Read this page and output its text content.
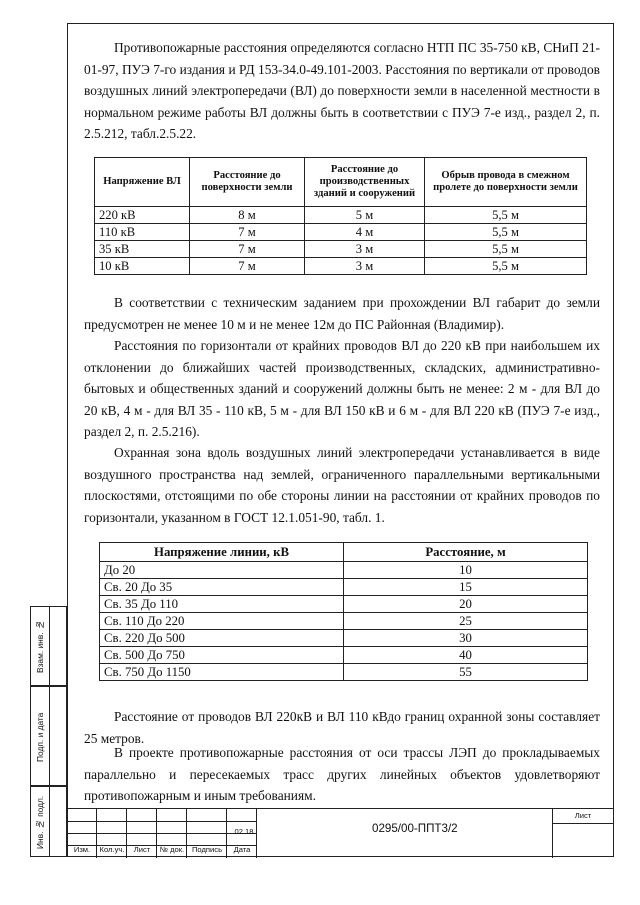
Противопожарные расстояния определяются согласно НТП ПС 35-750 кВ, СНиП 21-01-97, ПУЭ 7-го издания и РД 153-34.0-49.101-2003. Расстояния по вертикали от проводов воздушных линий электропередачи (ВЛ) до поверхности земли в населенной местности в нормальном режиме работы ВЛ должны быть в соответствии с ПУЭ 7-е изд., раздел 2, п. 2.5.212, табл.2.5.22.

Напряжение ВЛ	Расстояние до поверхности земли	Расстояние до производственных зданий и сооружений	Обрыв провода в смежном пролете до поверхности земли
220 кВ	8 м	5 м	5,5 м
110 кВ	7 м	4 м	5,5 м
35 кВ	7 м	3 м	5,5 м
10 кВ	7 м	3 м	5,5 м

В соответствии с техническим заданием при прохождении ВЛ габарит до земли предусмотрен не менее 10 м и не менее 12м до ПС Районная (Владимир).

Расстояния по горизонтали от крайних проводов ВЛ до 220 кВ при наибольшем их отклонении до ближайших частей производственных, складских, административно-бытовых и общественных зданий и сооружений должны быть не менее: 2 м - для ВЛ до 20 кВ, 4 м - для ВЛ 35 - 110 кВ, 5 м - для ВЛ 150 кВ и 6 м - для ВЛ 220 кВ (ПУЭ 7-е изд., раздел 2, п. 2.5.216).

Охранная зона вдоль воздушных линий электропередачи устанавливается в виде воздушного пространства над землей, ограниченного параллельными вертикальными плоскостями, отстоящими по обе стороны линии на расстоянии от крайних проводов по горизонтали, указанном в ГОСТ 12.1.051-90, табл. 1.

Напряжение линии, кВ	Расстояние, м
До 20	10
Св. 20 До 35	15
Св. 35 До 110	20
Св. 110 До 220	25
Св. 220 До 500	30
Св. 500 До 750	40
Св. 750 До 1150	55

Расстояние от проводов ВЛ 220кВ и ВЛ 110 кВдо границ охранной зоны составляет 25 метров.

В проекте противопожарные расстояния от оси трассы ЛЭП до прокладываемых параллельно и пересекаемых трасс других линейных объектов удовлетворяют противопожарным и иным требованиям.

Взам. инв. №
Подп. и дата
Инв. № подл.	02.18
Изм.	Кол.уч.	Лист	№ док.	Подпись	Дата
0295/00-ППТ3/2
Лист
